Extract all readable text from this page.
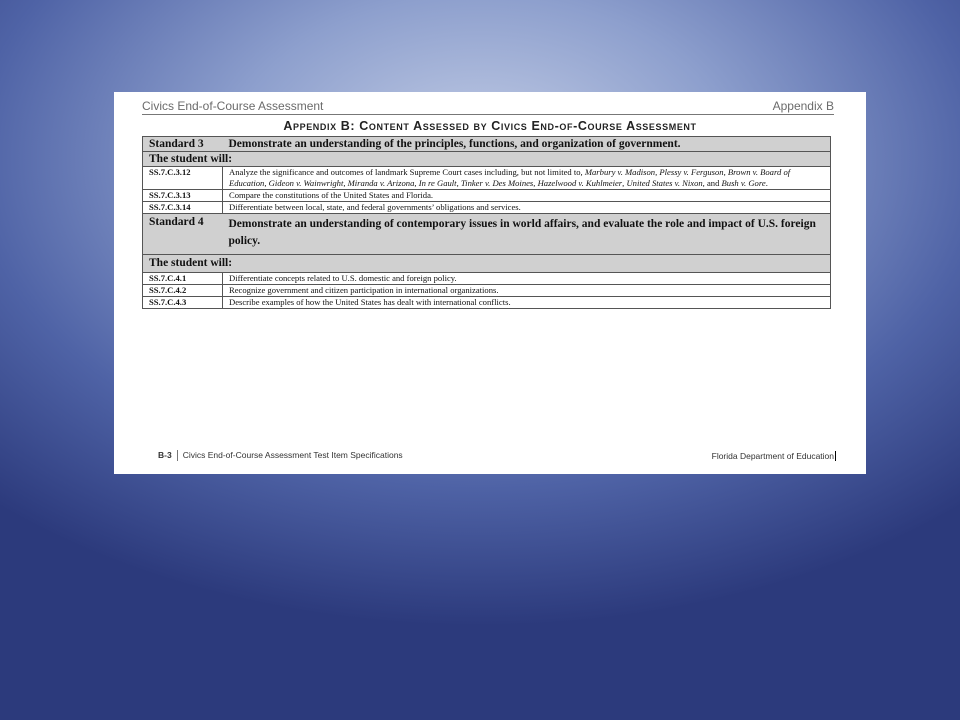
Civics End-of-Course Assessment	Appendix B
Appendix B: Content Assessed by Civics End-of-Course Assessment
Standard 3	Demonstrate an understanding of the principles, functions, and organization of government.
The student will:	
SS.7.C.3.12	Analyze the significance and outcomes of landmark Supreme Court cases including, but not limited to, Marbury v. Madison, Plessy v. Ferguson, Brown v. Board of Education, Gideon v. Wainwright, Miranda v. Arizona, In re Gault, Tinker v. Des Moines, Hazelwood v. Kuhlmeier, United States v. Nixon, and Bush v. Gore.
SS.7.C.3.13	Compare the constitutions of the United States and Florida.
SS.7.C.3.14	Differentiate between local, state, and federal governments’ obligations and services.
Standard 4	Demonstrate an understanding of contemporary issues in world affairs, and evaluate the role and impact of U.S. foreign policy.
The student will:	
SS.7.C.4.1	Differentiate concepts related to U.S. domestic and foreign policy.
SS.7.C.4.2	Recognize government and citizen participation in international organizations.
SS.7.C.4.3	Describe examples of how the United States has dealt with international conflicts.
B-3 Civics End-of-Course Assessment Test Item Specifications	Florida Department of Education
